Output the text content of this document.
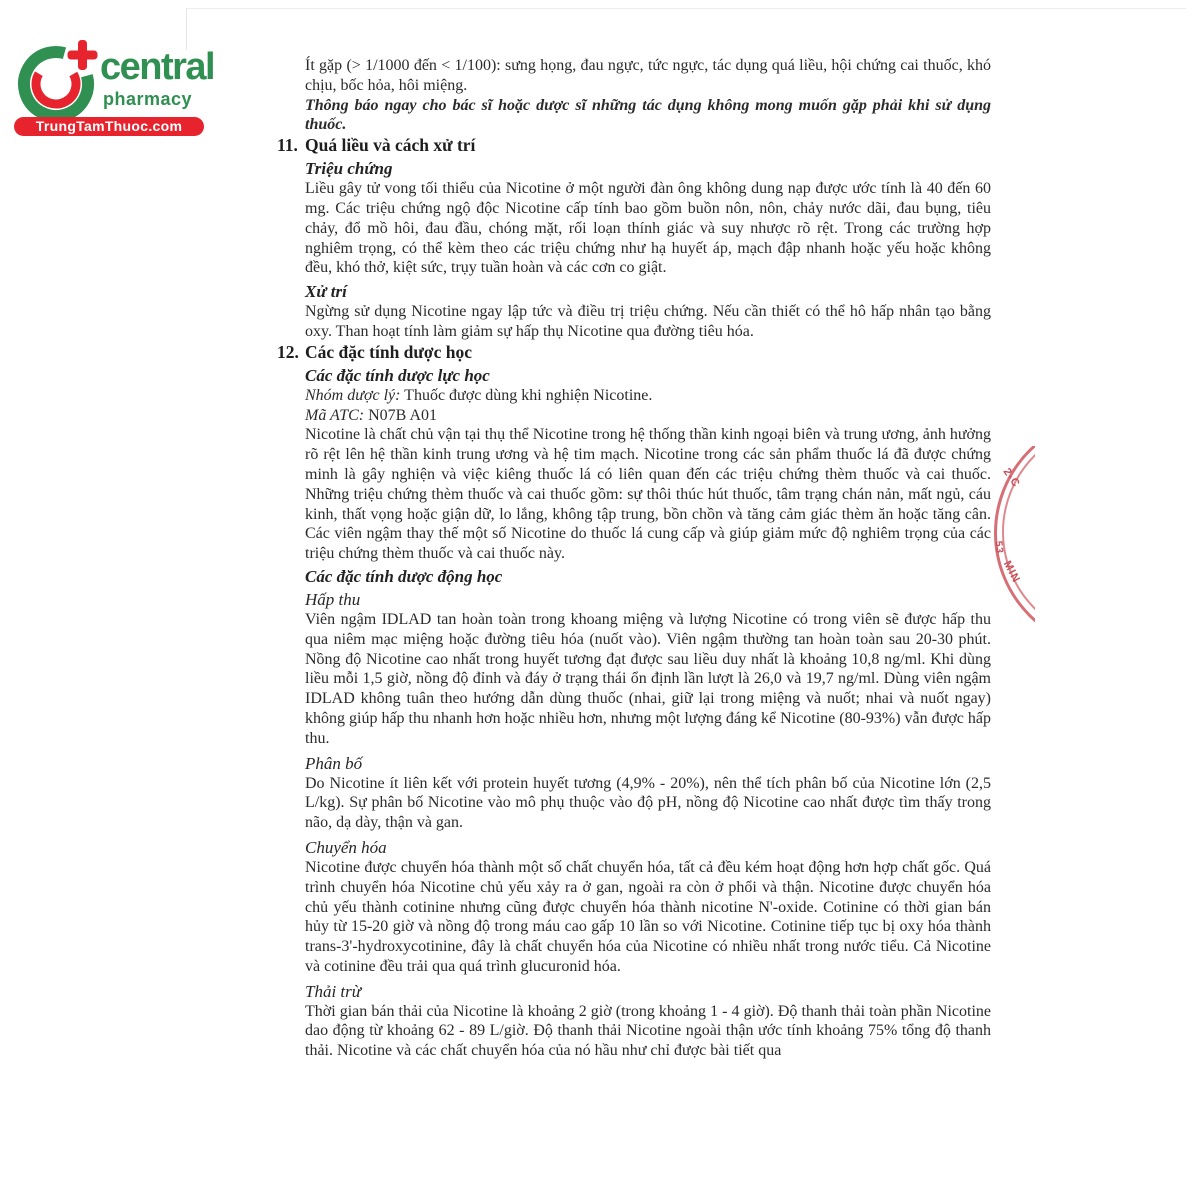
central
pharmacy
TrungTamThuoc.com

Ít gặp (> 1/1000 đến < 1/100): sưng họng, đau ngực, tức ngực, tác dụng quá liều, hội chứng cai thuốc, khó chịu, bốc hỏa, hôi miệng.

Thông báo ngay cho bác sĩ hoặc dược sĩ những tác dụng không mong muốn gặp phải khi sử dụng thuốc.

11. Quá liều và cách xử trí
Triệu chứng

Liều gây tử vong tối thiểu của Nicotine ở một người đàn ông không dung nạp được ước tính là 40 đến 60 mg. Các triệu chứng ngộ độc Nicotine cấp tính bao gồm buồn nôn, nôn, chảy nước dãi, đau bụng, tiêu chảy, đổ mồ hôi, đau đầu, chóng mặt, rối loạn thính giác và suy nhược rõ rệt. Trong các trường hợp nghiêm trọng, có thể kèm theo các triệu chứng như hạ huyết áp, mạch đập nhanh hoặc yếu hoặc không đều, khó thở, kiệt sức, trụy tuần hoàn và các cơn co giật.

Xử trí

Ngừng sử dụng Nicotine ngay lập tức và điều trị triệu chứng. Nếu cần thiết có thể hô hấp nhân tạo bằng oxy. Than hoạt tính làm giảm sự hấp thụ Nicotine qua đường tiêu hóa.

12. Các đặc tính dược học
Các đặc tính dược lực học

Nhóm dược lý: Thuốc được dùng khi nghiện Nicotine.

Mã ATC: N07B A01

Nicotine là chất chủ vận tại thụ thể Nicotine trong hệ thống thần kinh ngoại biên và trung ương, ảnh hưởng rõ rệt lên hệ thần kinh trung ương và hệ tim mạch. Nicotine trong các sản phẩm thuốc lá đã được chứng minh là gây nghiện và việc kiêng thuốc lá có liên quan đến các triệu chứng thèm thuốc và cai thuốc. Những triệu chứng thèm thuốc và cai thuốc gồm: sự thôi thúc hút thuốc, tâm trạng chán nản, mất ngủ, cáu kinh, thất vọng hoặc giận dữ, lo lắng, không tập trung, bồn chồn và tăng cảm giác thèm ăn hoặc tăng cân. Các viên ngậm thay thế một số Nicotine do thuốc lá cung cấp và giúp giảm mức độ nghiêm trọng của các triệu chứng thèm thuốc và cai thuốc này.

Các đặc tính dược động học
Hấp thu

Viên ngậm IDLAD tan hoàn toàn trong khoang miệng và lượng Nicotine có trong viên sẽ được hấp thu qua niêm mạc miệng hoặc đường tiêu hóa (nuốt vào). Viên ngậm thường tan hoàn toàn sau 20-30 phút. Nồng độ Nicotine cao nhất trong huyết tương đạt được sau liều duy nhất là khoảng 10,8 ng/ml. Khi dùng liều mỗi 1,5 giờ, nồng độ đỉnh và đáy ở trạng thái ổn định lần lượt là 26,0 và 19,7 ng/ml. Dùng viên ngậm IDLAD không tuân theo hướng dẫn dùng thuốc (nhai, giữ lại trong miệng và nuốt; nhai và nuốt ngay) không giúp hấp thu nhanh hơn hoặc nhiều hơn, nhưng một lượng đáng kể Nicotine (80-93%) vẫn được hấp thu.

Phân bố

Do Nicotine ít liên kết với protein huyết tương (4,9% - 20%), nên thể tích phân bố của Nicotine lớn (2,5 L/kg). Sự phân bố Nicotine vào mô phụ thuộc vào độ pH, nồng độ Nicotine cao nhất được tìm thấy trong não, dạ dày, thận và gan.

Chuyển hóa

Nicotine được chuyển hóa thành một số chất chuyển hóa, tất cả đều kém hoạt động hơn hợp chất gốc. Quá trình chuyển hóa Nicotine chủ yếu xảy ra ở gan, ngoài ra còn ở phổi và thận. Nicotine được chuyển hóa chủ yếu thành cotinine nhưng cũng được chuyển hóa thành nicotine N'-oxide. Cotinine có thời gian bán hủy từ 15-20 giờ và nồng độ trong máu cao gấp 10 lần so với Nicotine. Cotinine tiếp tục bị oxy hóa thành trans-3'-hydroxycotinine, đây là chất chuyển hóa của Nicotine có nhiều nhất trong nước tiểu. Cả Nicotine và cotinine đều trải qua quá trình glucuronid hóa.

Thải trừ

Thời gian bán thải của Nicotine là khoảng 2 giờ (trong khoảng 1 - 4 giờ). Độ thanh thải toàn phần Nicotine dao động từ khoảng 62 - 89 L/giờ. Độ thanh thải Nicotine ngoài thận ước tính khoảng 75% tổng độ thanh thải. Nicotine và các chất chuyển hóa của nó hầu như chỉ được bài tiết qua

2-C
53
MIN
